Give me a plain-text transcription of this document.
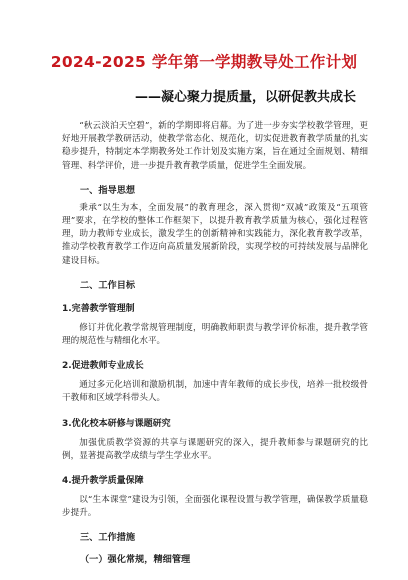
2024-2025 学年第一学期教导处工作计划
——凝心聚力提质量，以研促教共成长

“秋云淡泊天空碧”，新的学期即将启幕。为了进一步夯实学校教学管理，更好地开展教学教研活动，使教学常态化、规范化，切实促进教育教学质量的扎实稳步提升，特制定本学期教务处工作计划及实施方案，旨在通过全面规划、精细管理、科学评价，进一步提升教育教学质量，促进学生全面发展。

一、指导思想

秉承“以生为本，全面发展”的教育理念，深入贯彻“双减”政策及“五项管理”要求，在学校的整体工作框架下，以提升教育教学质量为核心，强化过程管理，助力教师专业成长，激发学生的创新精神和实践能力，深化教育教学改革，推动学校教育教学工作迈向高质量发展新阶段，实现学校的可持续发展与品牌化建设目标。

二、工作目标
1.完善教学管理制

修订并优化教学常规管理制度，明确教师职责与教学评价标准，提升教学管理的规范性与精细化水平。

2.促进教师专业成长

通过多元化培训和激励机制，加速中青年教师的成长步伐，培养一批校级骨干教师和区域学科带头人。

3.优化校本研修与课题研究

加强优质教学资源的共享与课题研究的深入，提升教师参与课题研究的比例，显著提高教学成绩与学生学业水平。

4.提升教学质量保障

以“生本课堂”建设为引领，全面强化课程设置与教学管理，确保教学质量稳步提升。

三、工作措施
（一）强化常规，精细管理
